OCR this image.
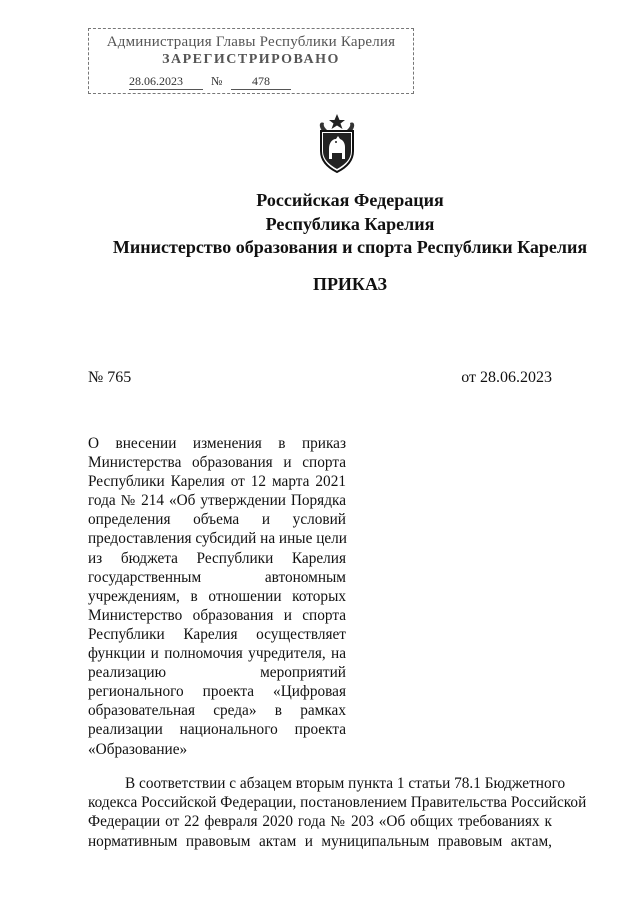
Администрация Главы Республики Карелия
ЗАРЕГИСТРИРОВАНО
28.06.2023 № 478
Российская Федерация
Республика Карелия
Министерство образования и спорта Республики Карелия
ПРИКАЗ
№ 765	от 28.06.2023
О внесении изменения в приказ
Министерства образования и спорта
Республики Карелия от 12 марта 2021
года № 214 «Об утверждении Порядка
определения объема и условий
предоставления субсидий на иные цели
из бюджета Республики Карелия
государственным автономным
учреждениям, в отношении которых
Министерство образования и спорта
Республики Карелия осуществляет
функции и полномочия учредителя, на
реализацию мероприятий
регионального проекта «Цифровая
образовательная среда» в рамках
реализации национального проекта
«Образование»
В соответствии с абзацем вторым пункта 1 статьи 78.1 Бюджетного
кодекса Российской Федерации, постановлением Правительства Российской
Федерации от 22 февраля 2020 года № 203 «Об общих требованиях к
нормативным правовым актам и муниципальным правовым актам,
